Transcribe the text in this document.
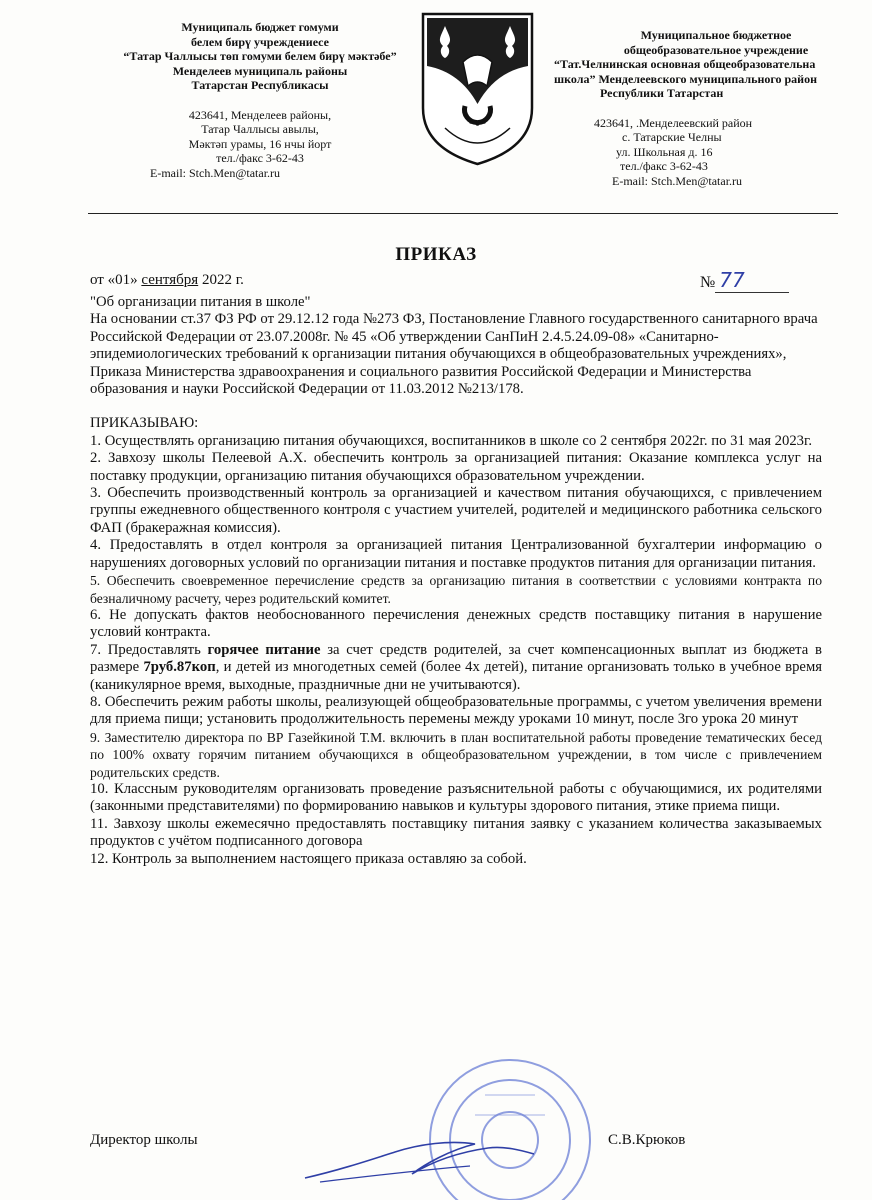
Муниципаль бюджет гомуми
белем бирү учреждениесе
“Татар Чаллысы төп гомуми белем бирү мәктәбе”
Менделеев муниципаль районы
Татарстан Республикасы
423641, Менделеев районы,
Татар Чаллысы авылы,
Мәктәп урамы, 16 нчы йорт
тел./факс 3-62-43
E-mail: Stch.Men@tatar.ru
Муниципальное бюджетное
общеобразовательное учреждение
“Тат.Челнинская основная общеобразовательна
школа” Менделеевского муниципального район
Республики Татарстан
423641, .Менделеевский район
с. Татарские Челны
ул. Школьная д. 16
тел./факс 3-62-43
E-mail: Stch.Men@tatar.ru
ПРИКАЗ
от «01» сентября 2022 г.	№ 77

"Об организации питания в школе"

На основании ст.37 ФЗ РФ от 29.12.12 года №273 ФЗ, Постановление Главного государственного санитарного врача Российской Федерации от 23.07.2008г. № 45 «Об утверждении СанПиН 2.4.5.24.09-08» «Санитарно-эпидемиологических требований к организации питания обучающихся в общеобразовательных учреждениях», Приказа Министерства здравоохранения и социального развития Российской Федерации и Министерства образования и науки Российской Федерации от 11.03.2012 №213/178.

ПРИКАЗЫВАЮ:

1. Осуществлять организацию питания обучающихся, воспитанников в школе со 2 сентября 2022г. по 31 мая 2023г.

2. Завхозу школы Пелеевой А.Х. обеспечить контроль за организацией питания: Оказание комплекса услуг на поставку продукции, организацию питания обучающихся образовательном учреждении.

3. Обеспечить производственный контроль за организацией и качеством питания обучающихся, с привлечением группы ежедневного общественного контроля с участием учителей, родителей и медицинского работника сельского ФАП (бракеражная комиссия).

4. Предоставлять в отдел контроля за организацией питания Централизованной бухгалтерии информацию о нарушениях договорных условий по организации питания и поставке продуктов питания для организации питания.

5. Обеспечить своевременное перечисление средств за организацию питания в соответствии с условиями контракта по безналичному расчету, через родительский комитет.

6. Не допускать фактов необоснованного перечисления денежных средств поставщику питания в нарушение условий контракта.

7. Предоставлять горячее питание за счет средств родителей, за счет компенсационных выплат из бюджета в размере 7руб.87коп, и детей из многодетных семей (более 4х детей), питание организовать только в учебное время (каникулярное время, выходные, праздничные дни не учитываются).

8. Обеспечить режим работы школы, реализующей общеобразовательные программы, с учетом увеличения времени для приема пищи; установить продолжительность перемены между уроками 10 минут, после 3го урока 20 минут

9. Заместителю директора по ВР Газейкиной Т.М. включить в план воспитательной работы проведение тематических бесед по 100% охвату горячим питанием обучающихся в общеобразовательном учреждении, в том числе с привлечением родительских средств.

10. Классным руководителям организовать проведение разъяснительной работы с обучающимися, их родителями (законными представителями) по формированию навыков и культуры здорового питания, этике приема пищи.

11. Завхозу школы ежемесячно предоставлять поставщику питания заявку с указанием количества заказываемых продуктов с учётом подписанного договора

12. Контроль за выполнением настоящего приказа оставляю за собой.

Директор школы	С.В.Крюков
